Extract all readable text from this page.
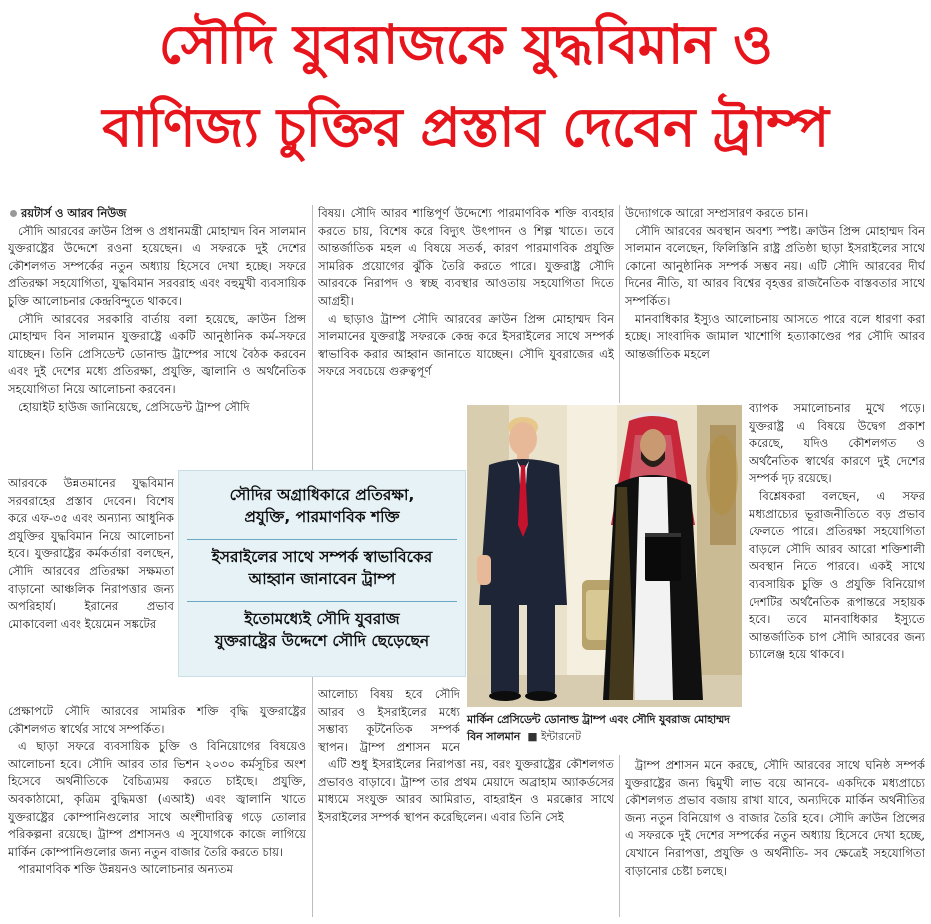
সৌদি যুবরাজকে যুদ্ধবিমান ও
বাণিজ্য চুক্তির প্রস্তাব দেবেন ট্রাম্প
রয়টার্স ও আরব নিউজ

সৌদি আরবের ক্রাউন প্রিন্স ও প্রধানমন্ত্রী মোহাম্মদ বিন সালমান যুক্তরাষ্ট্রের উদ্দেশে রওনা হয়েছেন। এ সফরকে দুই দেশের কৌশলগত সম্পর্কের নতুন অধ্যায় হিসেবে দেখা হচ্ছে। সফরে প্রতিরক্ষা সহযোগিতা, যুদ্ধবিমান সরবরাহ এবং বহুমুখী ব্যবসায়িক চুক্তি আলোচনার কেন্দ্রবিন্দুতে থাকবে।

সৌদি আরবের সরকারি বার্তায় বলা হয়েছে, ক্রাউন প্রিন্স মোহাম্মদ বিন সালমান যুক্তরাষ্ট্রে একটি আনুষ্ঠানিক কর্ম-সফরে যাচ্ছেন। তিনি প্রেসিডেন্ট ডোনাল্ড ট্রাম্পের সাথে বৈঠক করবেন এবং দুই দেশের মধ্যে প্রতিরক্ষা, প্রযুক্তি, জ্বালানি ও অর্থনৈতিক সহযোগিতা নিয়ে আলোচনা করবেন।

হোয়াইট হাউজ জানিয়েছে, প্রেসিডেন্ট ট্রাম্প সৌদি

আরবকে উন্নতমানের যুদ্ধবিমান সরবরাহের প্রস্তাব দেবেন। বিশেষ করে এফ-৩৫ এবং অন্যান্য আধুনিক প্রযুক্তির যুদ্ধবিমান নিয়ে আলোচনা হবে। যুক্তরাষ্ট্রের কর্মকর্তারা বলছেন, সৌদি আরবের প্রতিরক্ষা সক্ষমতা বাড়ানো আঞ্চলিক নিরাপত্তার জন্য অপরিহার্য। ইরানের প্রভাব মোকাবেলা এবং ইয়েমেন সঙ্কটের

প্রেক্ষাপটে সৌদি আরবের সামরিক শক্তি বৃদ্ধি যুক্তরাষ্ট্রের কৌশলগত স্বার্থের সাথে সম্পর্কিত।

এ ছাড়া সফরে ব্যবসায়িক চুক্তি ও বিনিয়োগের বিষয়েও আলোচনা হবে। সৌদি আরব তার ভিশন ২০৩০ কর্মসূচির অংশ হিসেবে অর্থনীতিকে বৈচিত্র্যময় করতে চাইছে। প্রযুক্তি, অবকাঠামো, কৃত্রিম বুদ্ধিমত্তা (এআই) এবং জ্বালানি খাতে যুক্তরাষ্ট্রের কোম্পানিগুলোর সাথে অংশীদারিত্ব গড়ে তোলার পরিকল্পনা রয়েছে। ট্রাম্প প্রশাসনও এ সুযোগকে কাজে লাগিয়ে মার্কিন কোম্পানিগুলোর জন্য নতুন বাজার তৈরি করতে চায়।

পারমাণবিক শক্তি উন্নয়নও আলোচনার অন্যতম

বিষয়। সৌদি আরব শান্তিপূর্ণ উদ্দেশ্যে পারমাণবিক শক্তি ব্যবহার করতে চায়, বিশেষ করে বিদ্যুৎ উৎপাদন ও শিল্প খাতে। তবে আন্তর্জাতিক মহল এ বিষয়ে সতর্ক, কারণ পারমাণবিক প্রযুক্তি সামরিক প্রয়োগের ঝুঁকি তৈরি করতে পারে। যুক্তরাষ্ট্র সৌদি আরবকে নিরাপদ ও স্বচ্ছ ব্যবস্থার আওতায় সহযোগিতা দিতে আগ্রহী।

এ ছাড়াও ট্রাম্প সৌদি আরবের ক্রাউন প্রিন্স মোহাম্মদ বিন সালমানের যুক্তরাষ্ট্র সফরকে কেন্দ্র করে ইসরাইলের সাথে সম্পর্ক স্বাভাবিক করার আহ্বান জানাতে যাচ্ছেন। সৌদি যুবরাজের এই সফরে সবচেয়ে গুরুত্বপূর্ণ

আলোচ্য বিষয় হবে সৌদি আরব ও ইসরাইলের মধ্যে সম্ভাব্য কূটনৈতিক সম্পর্ক স্থাপন। ট্রাম্প প্রশাসন মনে

এটি শুধু ইসরাইলের নিরাপত্তা নয়, বরং যুক্তরাষ্ট্রের কৌশলগত প্রভাবও বাড়াবে। ট্রাম্প তার প্রথম মেয়াদে অব্রাহাম অ্যাকর্ডসের মাধ্যমে সংযুক্ত আরব আমিরাত, বাহরাইন ও মরক্কোর সাথে ইসরাইলের সম্পর্ক স্থাপন করেছিলেন। এবার তিনি সেই

উদ্যোগকে আরো সম্প্রসারণ করতে চান।

সৌদি আরবের অবস্থান অবশ্য স্পষ্ট। ক্রাউন প্রিন্স মোহাম্মদ বিন সালমান বলেছেন, ফিলিস্তিনি রাষ্ট্র প্রতিষ্ঠা ছাড়া ইসরাইলের সাথে কোনো আনুষ্ঠানিক সম্পর্ক সম্ভব নয়। এটি সৌদি আরবের দীর্ঘ দিনের নীতি, যা আরব বিশ্বের বৃহত্তর রাজনৈতিক বাস্তবতার সাথে সম্পর্কিত।

মানবাধিকার ইস্যুও আলোচনায় আসতে পারে বলে ধারণা করা হচ্ছে। সাংবাদিক জামাল খাশোগি হত্যাকাণ্ডের পর সৌদি আরব আন্তর্জাতিক মহলে

ব্যাপক সমালোচনার মুখে পড়ে। যুক্তরাষ্ট্র এ বিষয়ে উদ্বেগ প্রকাশ করেছে, যদিও কৌশলগত ও অর্থনৈতিক স্বার্থের কারণে দুই দেশের সম্পর্ক দৃঢ় রয়েছে।

বিশ্লেষকরা বলছেন, এ সফর মধ্যপ্রাচ্যের ভূরাজনীতিতে বড় প্রভাব ফেলতে পারে। প্রতিরক্ষা সহযোগিতা বাড়লে সৌদি আরব আরো শক্তিশালী অবস্থান নিতে পারবে। একই সাথে ব্যবসায়িক চুক্তি ও প্রযুক্তি বিনিয়োগ দেশটির অর্থনৈতিক রূপান্তরে সহায়ক হবে। তবে মানবাধিকার ইস্যুতে আন্তর্জাতিক চাপ সৌদি আরবের জন্য চ্যালেঞ্জ হয়ে থাকবে।

ট্রাম্প প্রশাসন মনে করছে, সৌদি আরবের সাথে ঘনিষ্ঠ সম্পর্ক যুক্তরাষ্ট্রের জন্য দ্বিমুখী লাভ বয়ে আনবে- একদিকে মধ্যপ্রাচ্যে কৌশলগত প্রভাব বজায় রাখা যাবে, অন্যদিকে মার্কিন অর্থনীতির জন্য নতুন বিনিয়োগ ও বাজার তৈরি হবে। সৌদি ক্রাউন প্রিন্সের এ সফরকে দুই দেশের সম্পর্কের নতুন অধ্যায় হিসেবে দেখা হচ্ছে, যেখানে নিরাপত্তা, প্রযুক্তি ও অর্থনীতি- সব ক্ষেত্রেই সহযোগিতা বাড়ানোর চেষ্টা চলছে।

সৌদির অগ্রাধিকারে প্রতিরক্ষা,
প্রযুক্তি, পারমাণবিক শক্তি
ইসরাইলের সাথে সম্পর্ক স্বাভাবিকের
আহ্বান জানাবেন ট্রাম্প
ইতোমধ্যেই সৌদি যুবরাজ
যুক্তরাষ্ট্রের উদ্দেশে সৌদি ছেড়েছেন
মার্কিন প্রেসিডেন্ট ডোনাল্ড ট্রাম্প এবং সৌদি যুবরাজ মোহাম্মদ বিন সালমান  ■ ইন্টারনেট
